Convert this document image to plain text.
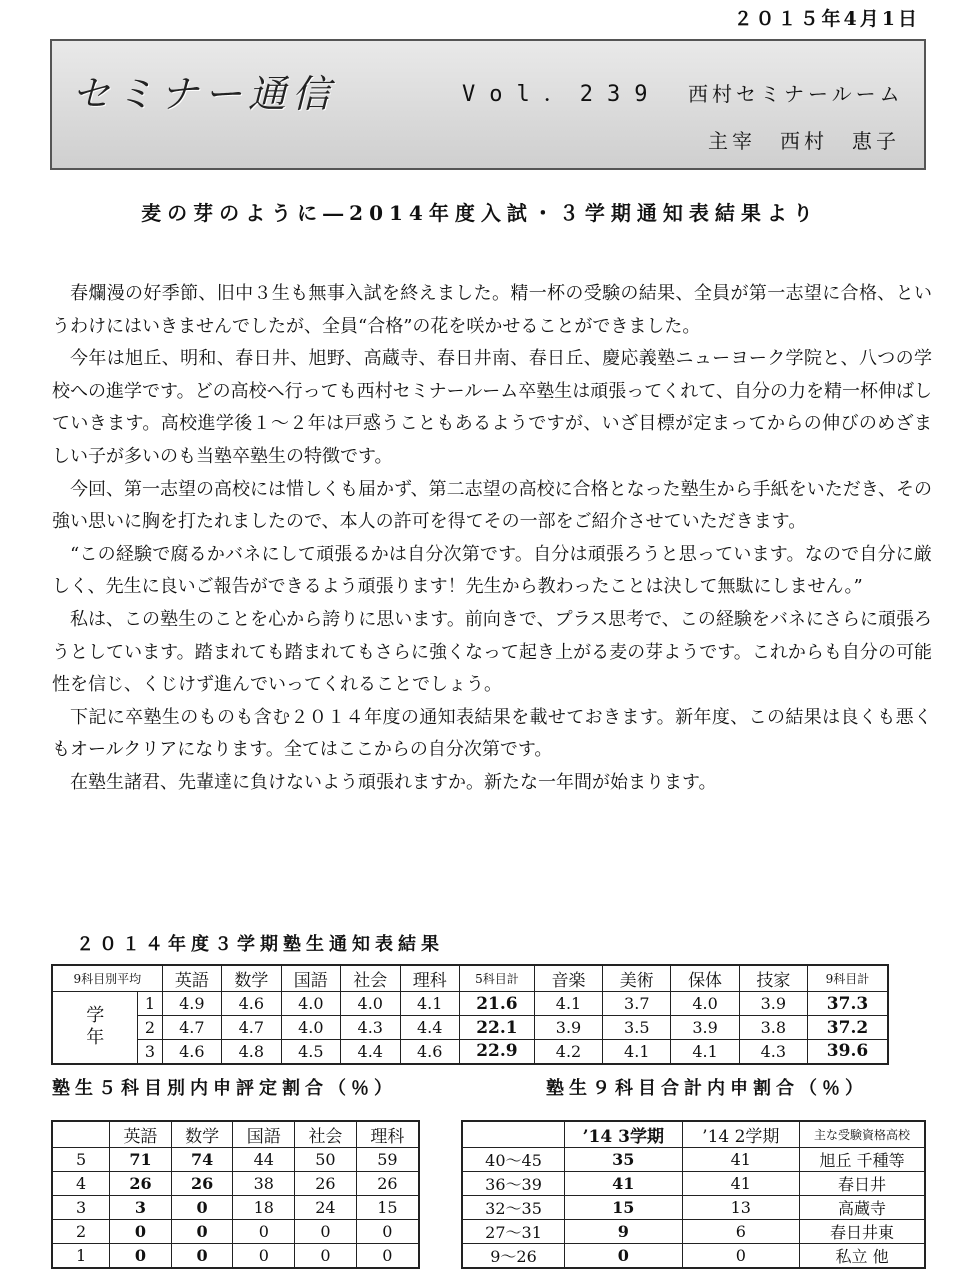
２０１５年4月1日
セミナー通信	Vol．239 西村セミナールーム
主宰　西村　恵子
麦の芽のように―2014年度入試・３学期通知表結果より

春爛漫の好季節、旧中３生も無事入試を終えました。精一杯の受験の結果、全員が第一志望に合格、というわけにはいきませんでしたが、全員“合格”の花を咲かせることができました。

今年は旭丘、明和、春日井、旭野、高蔵寺、春日井南、春日丘、慶応義塾ニューヨーク学院と、八つの学校への進学です。どの高校へ行っても西村セミナールーム卒塾生は頑張ってくれて、自分の力を精一杯伸ばしていきます。高校進学後１～２年は戸惑うこともあるようですが、いざ目標が定まってからの伸びのめざましい子が多いのも当塾卒塾生の特徴です。

今回、第一志望の高校には惜しくも届かず、第二志望の高校に合格となった塾生から手紙をいただき、その強い思いに胸を打たれましたので、本人の許可を得てその一部をご紹介させていただきます。

“この経験で腐るかバネにして頑張るかは自分次第です。自分は頑張ろうと思っています。なので自分に厳しく、先生に良いご報告ができるよう頑張ります！先生から教わったことは決して無駄にしません。”

私は、この塾生のことを心から誇りに思います。前向きで、プラス思考で、この経験をバネにさらに頑張ろうとしています。踏まれても踏まれてもさらに強くなって起き上がる麦の芽ようです。これからも自分の可能性を信じ、くじけず進んでいってくれることでしょう。

下記に卒塾生のものも含む２０１４年度の通知表結果を載せておきます。新年度、この結果は良くも悪くもオールクリアになります。全てはここからの自分次第です。

在塾生諸君、先輩達に負けないよう頑張れますか。新たな一年間が始まります。

２０１４年度３学期塾生通知表結果
9科目別平均		英語	数学	国語	社会	理科	5科目計	音楽	美術	保体	技家	9科目計
学
年	1	4.9	4.6	4.0	4.0	4.1	21.6	4.1	3.7	4.0	3.9	37.3
	2	4.7	4.7	4.0	4.3	4.4	22.1	3.9	3.5	3.9	3.8	37.2
	3	4.6	4.8	4.5	4.4	4.6	22.9	4.2	4.1	4.1	4.3	39.6
塾生５科目別内申評定割合（％）	塾生９科目合計内申割合（％）
	英語	数学	国語	社会	理科
5	71	74	44	50	59
4	26	26	38	26	26
3	3	0	18	24	15
2	0	0	0	0	0
1	0	0	0	0	0
	’14 3学期	’14 2学期	主な受験資格高校
40～45	35	41	旭丘 千種等
36～39	41	41	春日井
32～35	15	13	高蔵寺
27～31	9	6	春日井東
9～26	0	0	私立 他
